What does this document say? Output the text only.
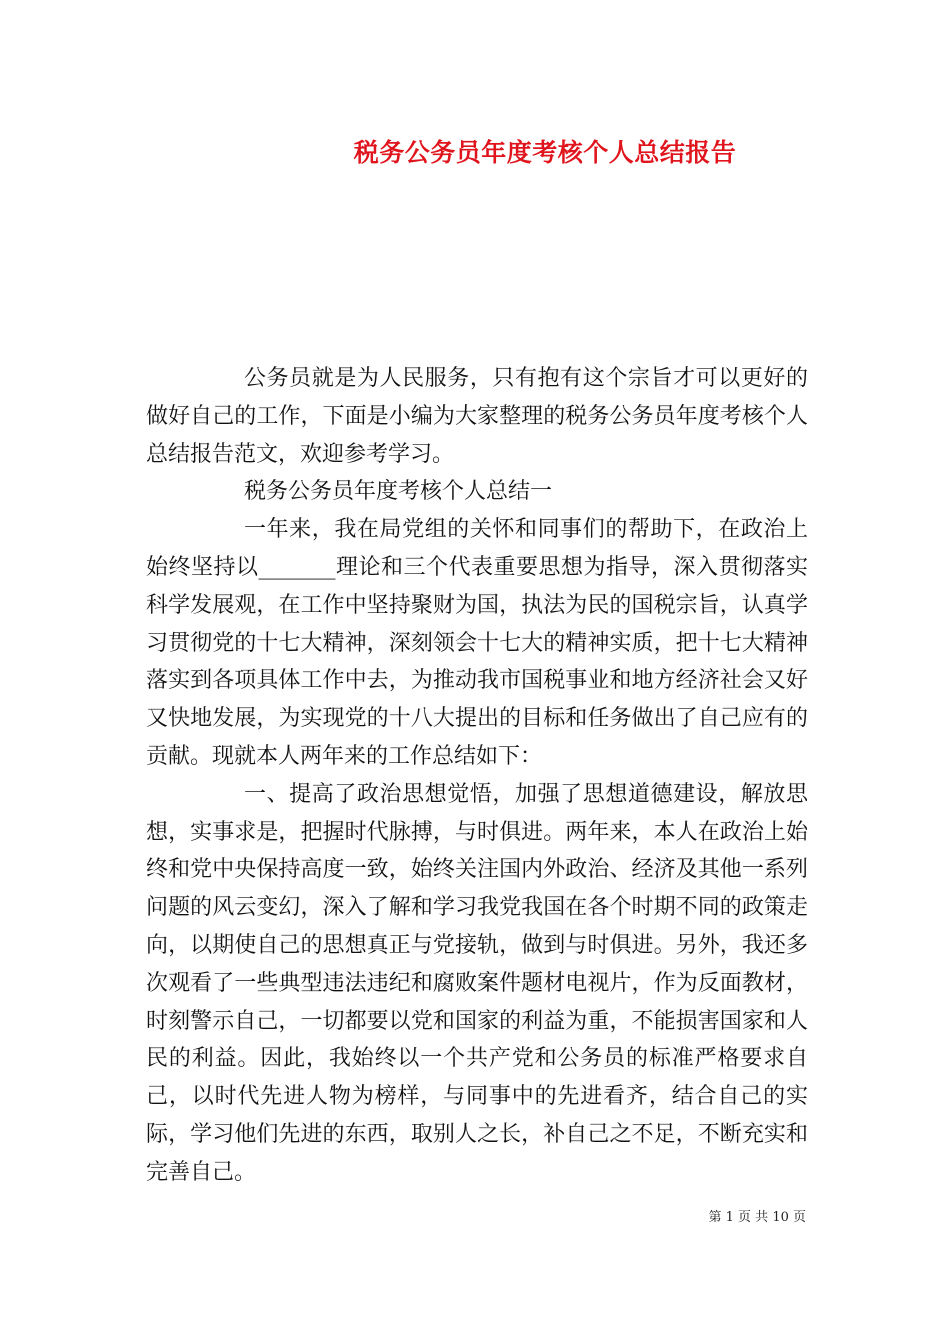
税务公务员年度考核个人总结报告

公务员就是为人民服务，只有抱有这个宗旨才可以更好的做好自己的工作，下面是小编为大家整理的税务公务员年度考核个人总结报告范文，欢迎参考学习。

税务公务员年度考核个人总结一

一年来，我在局党组的关怀和同事们的帮助下，在政治上始终坚持以_______理论和三个代表重要思想为指导，深入贯彻落实科学发展观，在工作中坚持聚财为国，执法为民的国税宗旨，认真学习贯彻党的十七大精神，深刻领会十七大的精神实质，把十七大精神落实到各项具体工作中去，为推动我市国税事业和地方经济社会又好又快地发展，为实现党的十八大提出的目标和任务做出了自己应有的贡献。现就本人两年来的工作总结如下：

一、提高了政治思想觉悟，加强了思想道德建设，解放思想，实事求是，把握时代脉搏，与时俱进。两年来，本人在政治上始终和党中央保持高度一致，始终关注国内外政治、经济及其他一系列问题的风云变幻，深入了解和学习我党我国在各个时期不同的政策走向，以期使自己的思想真正与党接轨，做到与时俱进。另外，我还多次观看了一些典型违法违纪和腐败案件题材电视片，作为反面教材，时刻警示自己，一切都要以党和国家的利益为重，不能损害国家和人民的利益。因此，我始终以一个共产党和公务员的标准严格要求自己，以时代先进人物为榜样，与同事中的先进看齐，结合自己的实际，学习他们先进的东西，取别人之长，补自己之不足，不断充实和完善自己。

第 1 页 共 10 页
